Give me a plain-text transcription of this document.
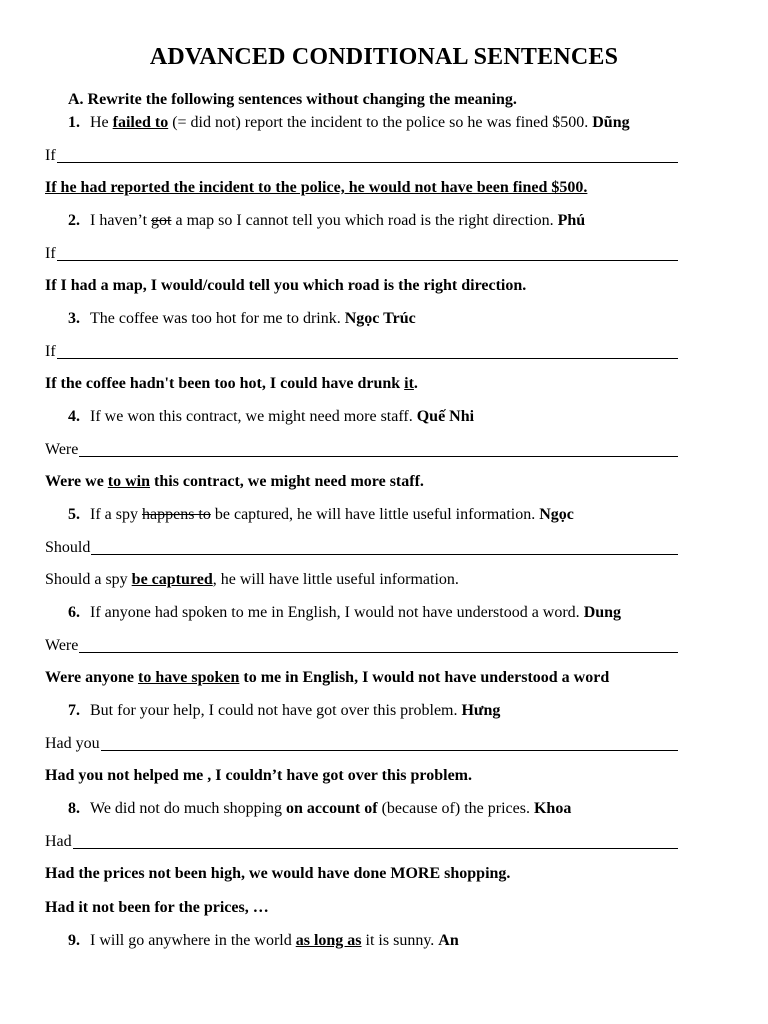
ADVANCED CONDITIONAL SENTENCES
A. Rewrite the following sentences without changing the meaning.
1. He failed to (= did not) report the incident to the police so he was fined $500. Dũng
If
If he had reported the incident to the police, he would not have been fined $500.
2. I haven’t got a map so I cannot tell you which road is the right direction. Phú
If
If I had a map, I would/could tell you which road is the right direction.
3. The coffee was too hot for me to drink. Ngọc Trúc
If
If the coffee hadn't been too hot, I could have drunk it.
4. If we won this contract, we might need more staff. Quế Nhi
Were
Were we to win this contract, we might need more staff.
5. If a spy happens to be captured, he will have little useful information. Ngọc
Should
Should a spy be captured, he will have little useful information.
6. If anyone had spoken to me in English, I would not have understood a word. Dung
Were
Were anyone to have spoken to me in English, I would not have understood a word
7. But for your help, I could not have got over this problem. Hưng
Had you
Had you not helped me , I couldn’t have got over this problem.
8. We did not do much shopping on account of (because of) the prices. Khoa
Had
Had the prices not been high, we would have done MORE shopping.
Had it not been for the prices, …
9. I will go anywhere in the world as long as it is sunny. An
